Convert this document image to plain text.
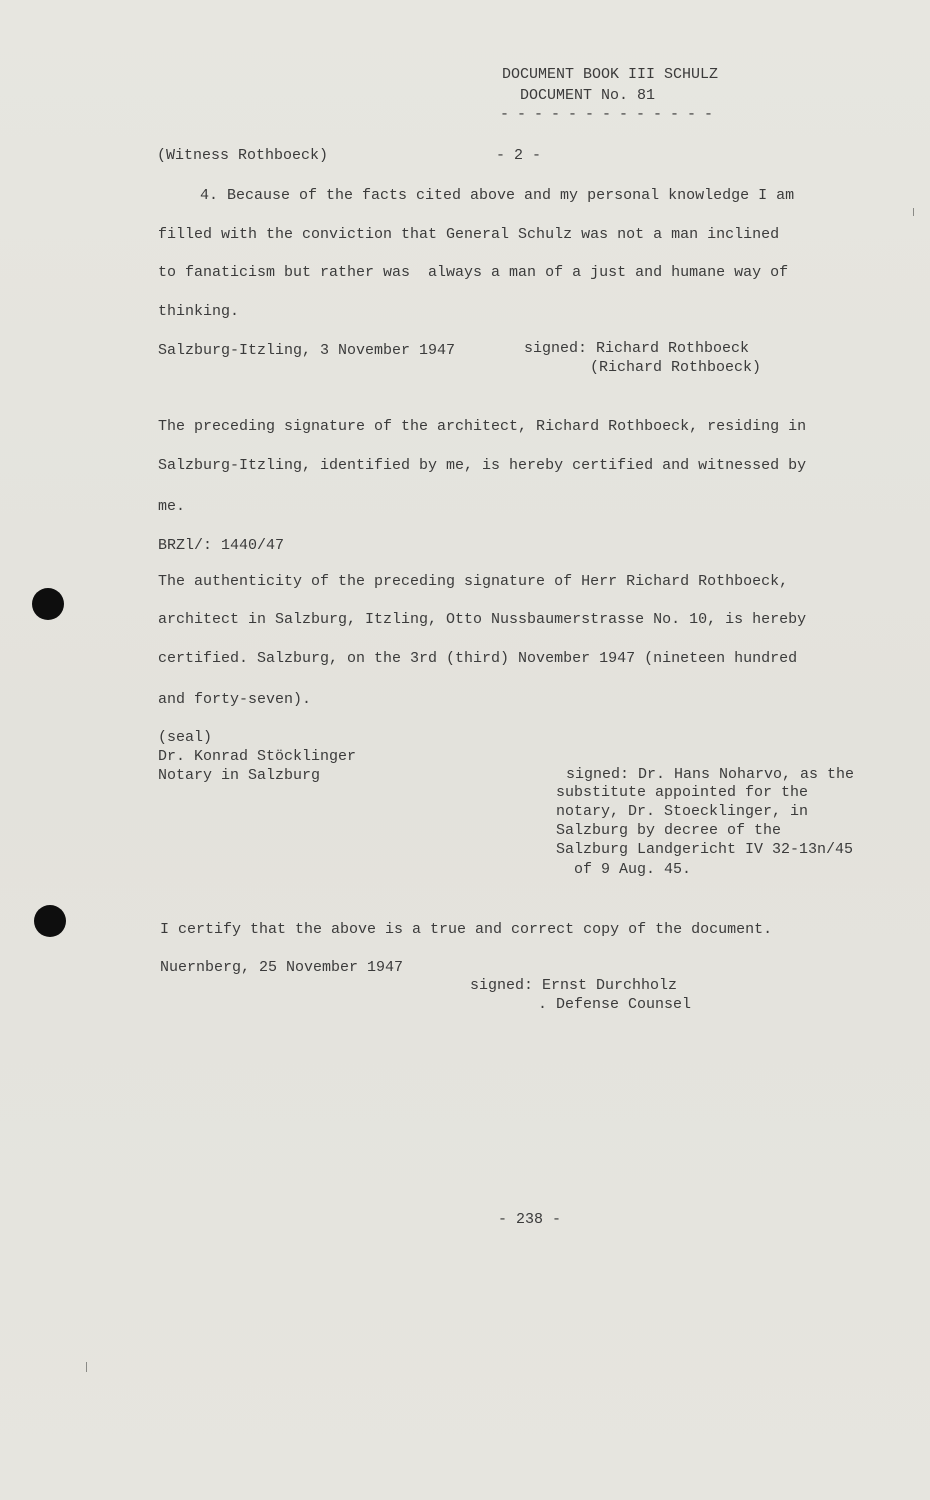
DOCUMENT BOOK III SCHULZ
DOCUMENT No. 81
- - - - - - - - - - - - -
(Witness Rothboeck)	- 2 -
4. Because of the facts cited above and my personal knowledge I am
filled with the conviction that General Schulz was not a man inclined
to fanaticism but rather was  always a man of a just and humane way of
thinking.
Salzburg-Itzling, 3 November 1947	signed: Richard Rothboeck
(Richard Rothboeck)
The preceding signature of the architect, Richard Rothboeck, residing in
Salzburg-Itzling, identified by me, is hereby certified and witnessed by
me.
BRZl/: 1440/47
The authenticity of the preceding signature of Herr Richard Rothboeck,
architect in Salzburg, Itzling, Otto Nussbaumerstrasse No. 10, is hereby
certified. Salzburg, on the 3rd (third) November 1947 (nineteen hundred
and forty-seven).
(seal)
Dr. Konrad Stöcklinger
Notary in Salzburg	signed: Dr. Hans Noharvo, as the
substitute appointed for the
notary, Dr. Stoecklinger, in
Salzburg by decree of the
Salzburg Landgericht IV 32-13n/45
of 9 Aug. 45.
I certify that the above is a true and correct copy of the document.
Nuernberg, 25 November 1947
signed: Ernst Durchholz
. Defense Counsel
- 238 -
